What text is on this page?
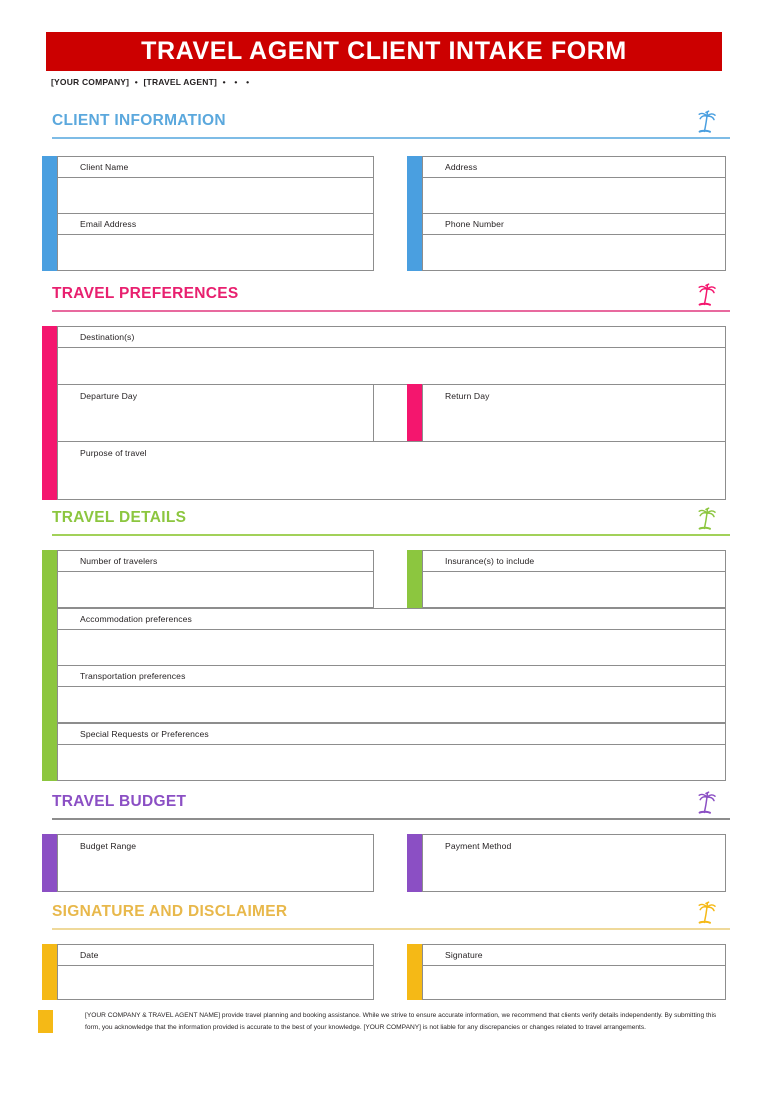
TRAVEL AGENT CLIENT INTAKE FORM
[YOUR COMPANY] • [TRAVEL AGENT] • • •
CLIENT INFORMATION
Client Name	Address
Email Address	Phone Number
TRAVEL PREFERENCES
Destination(s)
Departure Day	Return Day
Purpose of travel
TRAVEL DETAILS
Number of travelers	Insurance(s) to include
Accommodation preferences
Transportation preferences
Special Requests or Preferences
TRAVEL BUDGET
Budget Range	Payment Method
SIGNATURE AND DISCLAIMER
Date	Signature
[YOUR COMPANY & TRAVEL AGENT NAME] provide travel planning and booking assistance. While we strive to ensure accurate information, we recommend that clients verify details independently. By submitting this form, you acknowledge that the information provided is accurate to the best of your knowledge. [YOUR COMPANY] is not liable for any discrepancies or changes related to travel arrangements.
